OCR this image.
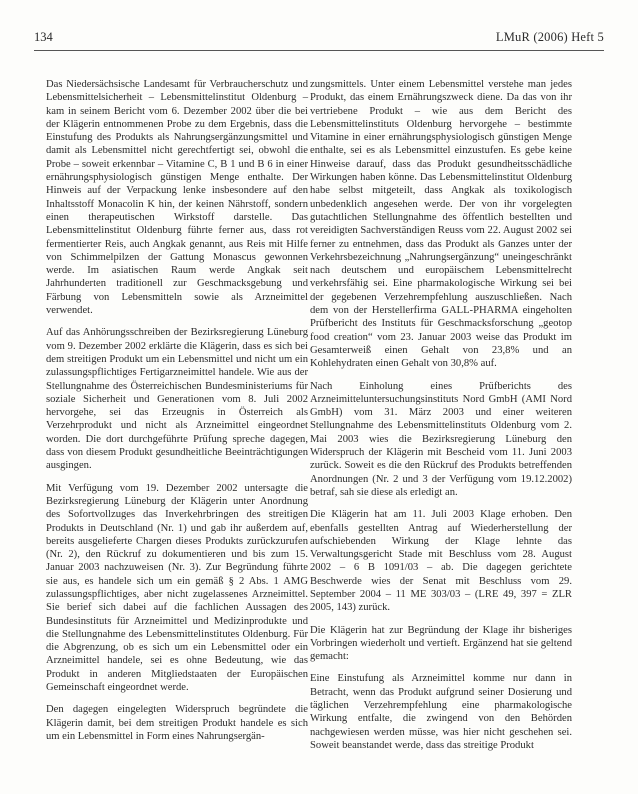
134	LMuR (2006) Heft 5

Das Niedersächsische Landesamt für Verbraucherschutz und Lebensmittelsicherheit – Lebensmittelinstitut Oldenburg – kam in seinem Bericht vom 6. Dezember 2002 über die bei der Klägerin entnommenen Probe zu dem Ergebnis, dass die Einstufung des Produkts als Nahrungsergänzungsmittel und damit als Lebensmittel nicht gerechtfertigt sei, obwohl die Probe – soweit erkennbar – Vitamine C, B 1 und B 6 in einer ernährungsphysiologisch günstigen Menge enthalte. Der Hinweis auf der Verpackung lenke insbesondere auf den Inhaltsstoff Monacolin K hin, der keinen Nährstoff, sondern einen therapeutischen Wirkstoff darstelle. Das Lebensmittelinstitut Oldenburg führte ferner aus, dass rot fermentierter Reis, auch Angkak genannt, aus Reis mit Hilfe von Schimmelpilzen der Gattung Monascus gewonnen werde. Im asiatischen Raum werde Angkak seit Jahrhunderten traditionell zur Geschmacksgebung und Färbung von Lebensmitteln sowie als Arzneimittel verwendet.

Auf das Anhörungsschreiben der Bezirksregierung Lüneburg vom 9. Dezember 2002 erklärte die Klägerin, dass es sich bei dem streitigen Produkt um ein Lebensmittel und nicht um ein zulassungspflichtiges Fertigarzneimittel handele. Wie aus der Stellungnahme des Österreichischen Bundesministeriums für soziale Sicherheit und Generationen vom 8. Juli 2002 hervorgehe, sei das Erzeugnis in Österreich als Verzehrprodukt und nicht als Arzneimittel eingeordnet worden. Die dort durchgeführte Prüfung spreche dagegen, dass von diesem Produkt gesundheitliche Beeinträchtigungen ausgingen.

Mit Verfügung vom 19. Dezember 2002 untersagte die Bezirksregierung Lüneburg der Klägerin unter Anordnung des Sofortvollzuges das Inverkehrbringen des streitigen Produkts in Deutschland (Nr. 1) und gab ihr außerdem auf, bereits ausgelieferte Chargen dieses Produkts zurückzurufen (Nr. 2), den Rückruf zu dokumentieren und bis zum 15. Januar 2003 nachzuweisen (Nr. 3). Zur Begründung führte sie aus, es handele sich um ein gemäß § 2 Abs. 1 AMG zulassungspflichtiges, aber nicht zugelassenes Arzneimittel. Sie berief sich dabei auf die fachlichen Aussagen des Bundesinstituts für Arzneimittel und Medizinprodukte und die Stellungnahme des Lebensmittelinstitutes Oldenburg. Für die Abgrenzung, ob es sich um ein Lebensmittel oder ein Arzneimittel handele, sei es ohne Bedeutung, wie das Produkt in anderen Mitgliedstaaten der Europäischen Gemeinschaft eingeordnet werde.

Den dagegen eingelegten Widerspruch begründete die Klägerin damit, bei dem streitigen Produkt handele es sich um ein Lebensmittel in Form eines Nahrungsergän-

zungsmittels. Unter einem Lebensmittel verstehe man jedes Produkt, das einem Ernährungszweck diene. Da das von ihr vertriebene Produkt – wie aus dem Bericht des Lebensmittelinstituts Oldenburg hervorgehe – bestimmte Vitamine in einer ernährungsphysiologisch günstigen Menge enthalte, sei es als Lebensmittel einzustufen. Es gebe keine Hinweise darauf, dass das Produkt gesundheitsschädliche Wirkungen haben könne. Das Lebensmittelinstitut Oldenburg habe selbst mitgeteilt, dass Angkak als toxikologisch unbedenklich angesehen werde. Der von ihr vorgelegten gutachtlichen Stellungnahme des öffentlich bestellten und vereidigten Sachverständigen Reuss vom 22. August 2002 sei ferner zu entnehmen, dass das Produkt als Ganzes unter der Verkehrsbezeichnung „Nahrungsergänzung“ uneingeschränkt nach deutschem und europäischem Lebensmittelrecht verkehrsfähig sei. Eine pharmakologische Wirkung sei bei der gegebenen Verzehrempfehlung auszuschließen. Nach dem von der Herstellerfirma GALL-PHARMA eingeholten Prüfbericht des Instituts für Geschmacksforschung „geotop food creation“ vom 23. Januar 2003 weise das Produkt im Gesamterweiß einen Gehalt von 23,8% und an Kohlehydraten einen Gehalt von 30,8% auf.

Nach Einholung eines Prüfberichts des Arzneimitteluntersuchungsinstituts Nord GmbH (AMI Nord GmbH) vom 31. März 2003 und einer weiteren Stellungnahme des Lebensmittelinstituts Oldenburg vom 2. Mai 2003 wies die Bezirksregierung Lüneburg den Widerspruch der Klägerin mit Bescheid vom 11. Juni 2003 zurück. Soweit es die den Rückruf des Produkts betreffenden Anordnungen (Nr. 2 und 3 der Verfügung vom 19.12.2002) betraf, sah sie diese als erledigt an.

Die Klägerin hat am 11. Juli 2003 Klage erhoben. Den ebenfalls gestellten Antrag auf Wiederherstellung der aufschiebenden Wirkung der Klage lehnte das Verwaltungsgericht Stade mit Beschluss vom 28. August 2002 – 6 B 1091/03 – ab. Die dagegen gerichtete Beschwerde wies der Senat mit Beschluss vom 29. September 2004 – 11 ME 303/03 – (LRE 49, 397 = ZLR 2005, 143) zurück.

Die Klägerin hat zur Begründung der Klage ihr bisheriges Vorbringen wiederholt und vertieft. Ergänzend hat sie geltend gemacht:

Eine Einstufung als Arzneimittel komme nur dann in Betracht, wenn das Produkt aufgrund seiner Dosierung und täglichen Verzehrempfehlung eine pharmakologische Wirkung entfalte, die zwingend von den Behörden nachgewiesen werden müsse, was hier nicht geschehen sei. Soweit beanstandet werde, dass das streitige Produkt
